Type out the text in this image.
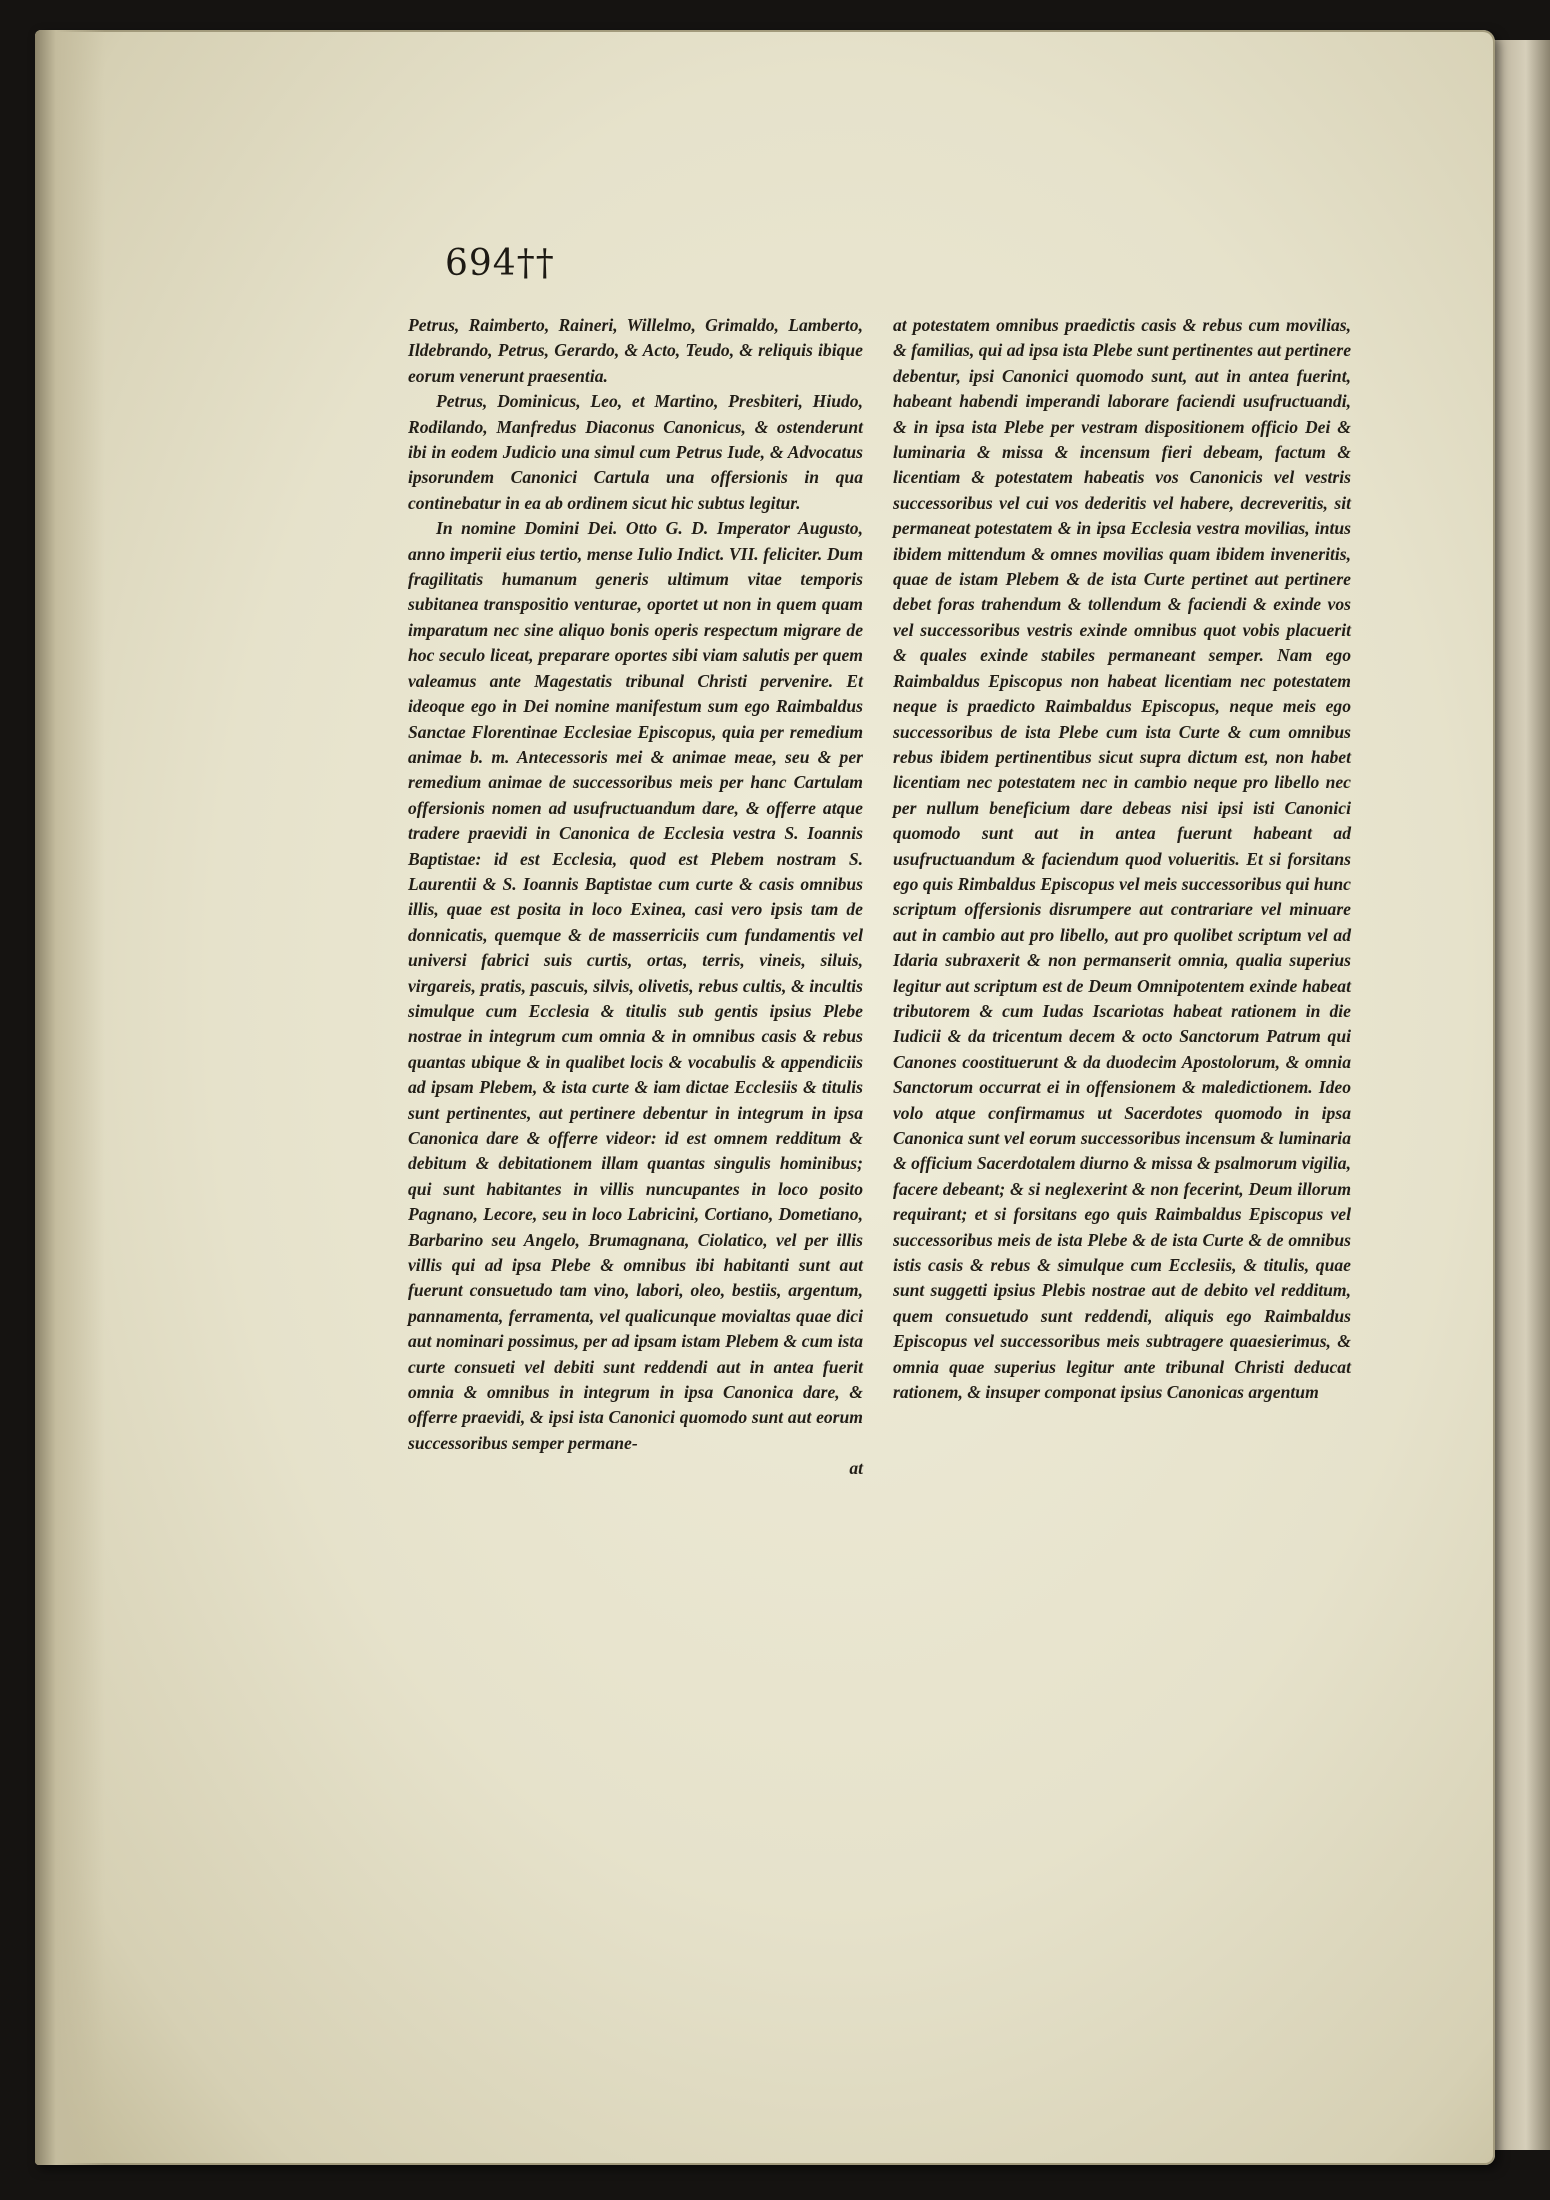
694††

Petrus, Raimberto, Raineri, Willelmo, Grimaldo, Lamberto, Ildebrando, Petrus, Gerardo, & Acto, Teudo, & reliquis ibique eorum venerunt praesentia.

Petrus, Dominicus, Leo, et Martino, Presbiteri, Hiudo, Rodilando, Manfredus Diaconus Canonicus, & ostenderunt ibi in eodem Judicio una simul cum Petrus Iude, & Advocatus ipsorundem Canonici Cartula una offersionis in qua continebatur in ea ab ordinem sicut hic subtus legitur.

In nomine Domini Dei. Otto G. D. Imperator Augusto, anno imperii eius tertio, mense Iulio Indict. VII. feliciter. Dum fragilitatis humanum generis ultimum vitae temporis subitanea transpositio venturae, oportet ut non in quem quam imparatum nec sine aliquo bonis operis respectum migrare de hoc seculo liceat, preparare oportes sibi viam salutis per quem valeamus ante Magestatis tribunal Christi pervenire. Et ideoque ego in Dei nomine manifestum sum ego Raimbaldus Sanctae Florentinae Ecclesiae Episcopus, quia per remedium animae b. m. Antecessoris mei & animae meae, seu & per remedium animae de successoribus meis per hanc Cartulam offersionis nomen ad usufructuandum dare, & offerre atque tradere praevidi in Canonica de Ecclesia vestra S. Ioannis Baptistae: id est Ecclesia, quod est Plebem nostram S. Laurentii & S. Ioannis Baptistae cum curte & casis omnibus illis, quae est posita in loco Exinea, casi vero ipsis tam de donnicatis, quemque & de masserriciis cum fundamentis vel universi fabrici suis curtis, ortas, terris, vineis, siluis, virgareis, pratis, pascuis, silvis, olivetis, rebus cultis, & incultis simulque cum Ecclesia & titulis sub gentis ipsius Plebe nostrae in integrum cum omnia & in omnibus casis & rebus quantas ubique & in qualibet locis & vocabulis & appendiciis ad ipsam Plebem, & ista curte & iam dictae Ecclesiis & titulis sunt pertinentes, aut pertinere debentur in integrum in ipsa Canonica dare & offerre videor: id est omnem redditum & debitum & debitationem illam quantas singulis hominibus; qui sunt habitantes in villis nuncupantes in loco posito Pagnano, Lecore, seu in loco Labricini, Cortiano, Dometiano, Barbarino seu Angelo, Brumagnana, Ciolatico, vel per illis villis qui ad ipsa Plebe & omnibus ibi habitanti sunt aut fuerunt consuetudo tam vino, labori, oleo, bestiis, argentum, pannamenta, ferramenta, vel qualicunque movialtas quae dici aut nominari possimus, per ad ipsam istam Plebem & cum ista curte consueti vel debiti sunt reddendi aut in antea fuerit omnia & omnibus in integrum in ipsa Canonica dare, & offerre praevidi, & ipsi ista Canonici quomodo sunt aut eorum successoribus semper permane-

at

at potestatem omnibus praedictis casis & rebus cum movilias, & familias, qui ad ipsa ista Plebe sunt pertinentes aut pertinere debentur, ipsi Canonici quomodo sunt, aut in antea fuerint, habeant habendi imperandi laborare faciendi usufructuandi, & in ipsa ista Plebe per vestram dispositionem officio Dei & luminaria & missa & incensum fieri debeam, factum & licentiam & potestatem habeatis vos Canonicis vel vestris successoribus vel cui vos dederitis vel habere, decreveritis, sit permaneat potestatem & in ipsa Ecclesia vestra movilias, intus ibidem mittendum & omnes movilias quam ibidem inveneritis, quae de istam Plebem & de ista Curte pertinet aut pertinere debet foras trahendum & tollendum & faciendi & exinde vos vel successoribus vestris exinde omnibus quot vobis placuerit & quales exinde stabiles permaneant semper. Nam ego Raimbaldus Episcopus non habeat licentiam nec potestatem neque is praedicto Raimbaldus Episcopus, neque meis ego successoribus de ista Plebe cum ista Curte & cum omnibus rebus ibidem pertinentibus sicut supra dictum est, non habet licentiam nec potestatem nec in cambio neque pro libello nec per nullum beneficium dare debeas nisi ipsi isti Canonici quomodo sunt aut in antea fuerunt habeant ad usufructuandum & faciendum quod volueritis. Et si forsitans ego quis Rimbaldus Episcopus vel meis successoribus qui hunc scriptum offersionis disrumpere aut contrariare vel minuare aut in cambio aut pro libello, aut pro quolibet scriptum vel ad Idaria subraxerit & non permanserit omnia, qualia superius legitur aut scriptum est de Deum Omnipotentem exinde habeat tributorem & cum Iudas Iscariotas habeat rationem in die Iudicii & da tricentum decem & octo Sanctorum Patrum qui Canones coostituerunt & da duodecim Apostolorum, & omnia Sanctorum occurrat ei in offensionem & maledictionem. Ideo volo atque confirmamus ut Sacerdotes quomodo in ipsa Canonica sunt vel eorum successoribus incensum & luminaria & officium Sacerdotalem diurno & missa & psalmorum vigilia, facere debeant; & si neglexerint & non fecerint, Deum illorum requirant; et si forsitans ego quis Raimbaldus Episcopus vel successoribus meis de ista Plebe & de ista Curte & de omnibus istis casis & rebus & simulque cum Ecclesiis, & titulis, quae sunt suggetti ipsius Plebis nostrae aut de debito vel redditum, quem consuetudo sunt reddendi, aliquis ego Raimbaldus Episcopus vel successoribus meis subtragere quaesierimus, & omnia quae superius legitur ante tribunal Christi deducat rationem, & insuper componat ipsius Canonicas argentum
